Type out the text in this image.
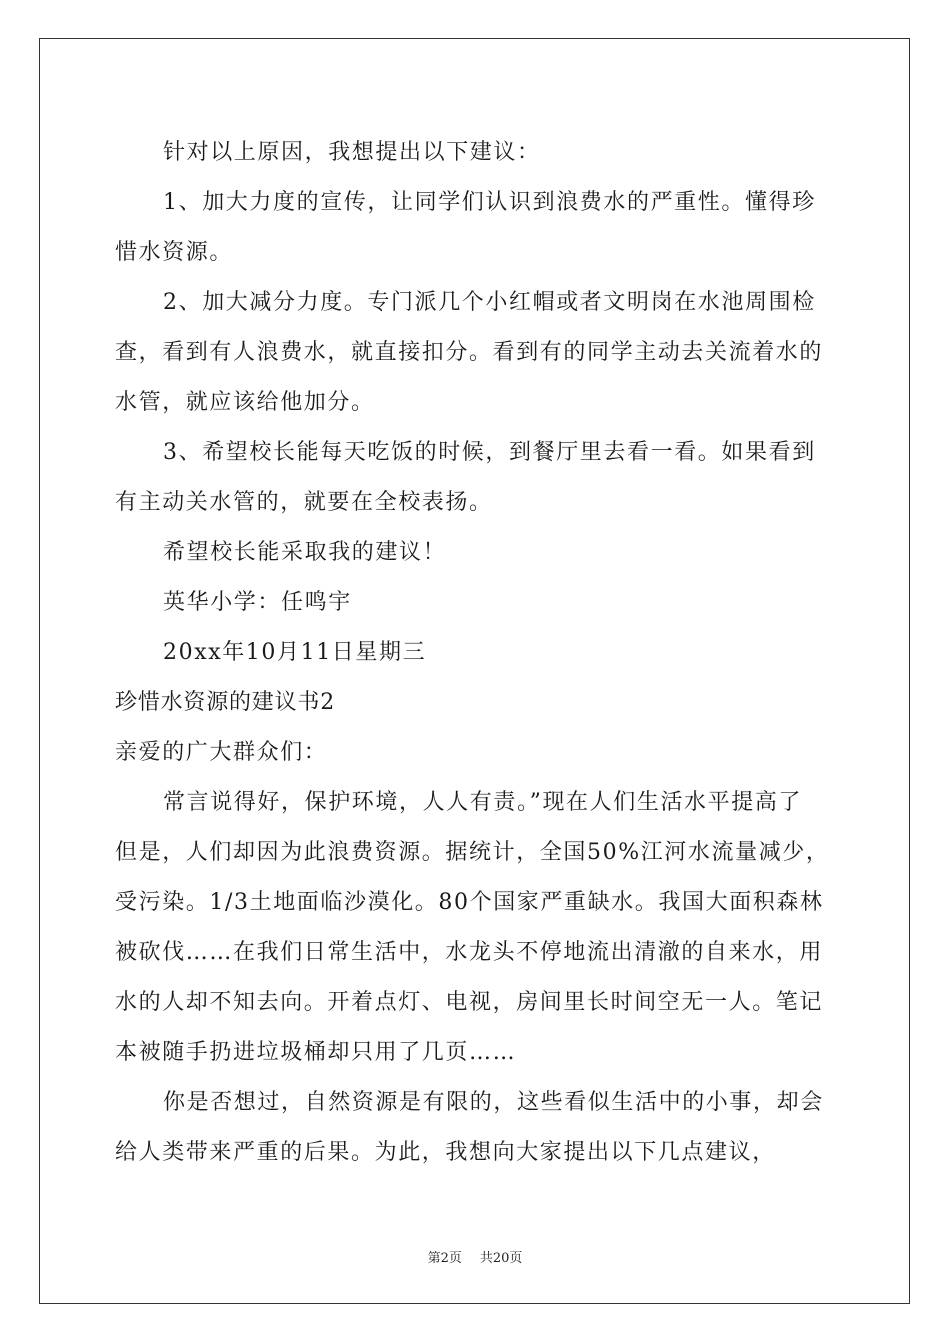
针对以上原因，我想提出以下建议：
1、加大力度的宣传，让同学们认识到浪费水的严重性。懂得珍
惜水资源。
2、加大减分力度。专门派几个小红帽或者文明岗在水池周围检
查，看到有人浪费水，就直接扣分。看到有的同学主动去关流着水的
水管，就应该给他加分。
3、希望校长能每天吃饭的时候，到餐厅里去看一看。如果看到
有主动关水管的，就要在全校表扬。
希望校长能采取我的建议！
英华小学：任鸣宇
20xx年10月11日星期三
珍惜水资源的建议书2
亲爱的广大群众们：
常言说得好，保护环境，人人有责。”现在人们生活水平提高了
但是，人们却因为此浪费资源。据统计，全国50%江河水流量减少，
受污染。1/3土地面临沙漠化。80个国家严重缺水。我国大面积森林
被砍伐……在我们日常生活中，水龙头不停地流出清澈的自来水，用
水的人却不知去向。开着点灯、电视，房间里长时间空无一人。笔记
本被随手扔进垃圾桶却只用了几页……
你是否想过，自然资源是有限的，这些看似生活中的小事，却会
给人类带来严重的后果。为此，我想向大家提出以下几点建议，
第2页 共20页
